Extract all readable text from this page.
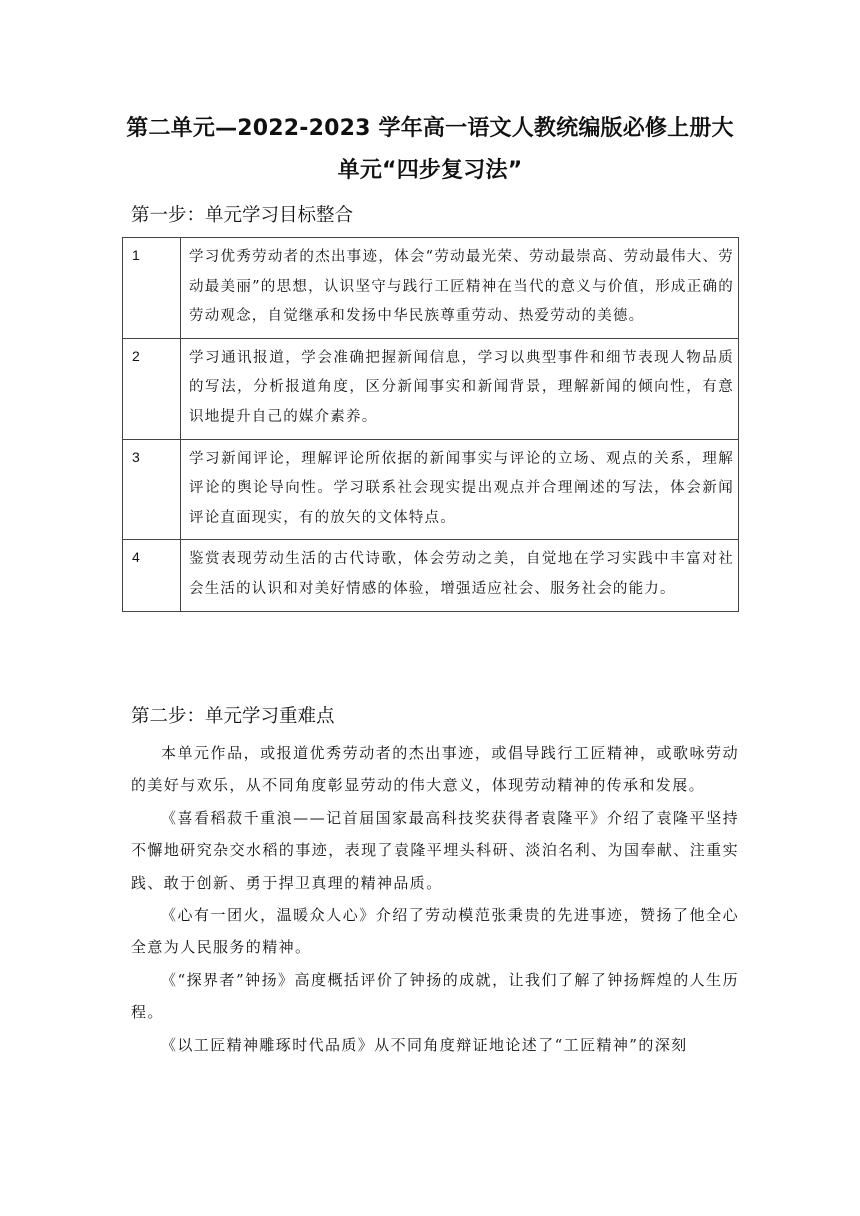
第二单元—2022-2023 学年高一语文人教统编版必修上册大
单元“四步复习法”
第一步：单元学习目标整合
1	学习优秀劳动者的杰出事迹，体会“劳动最光荣、劳动最崇高、劳动最伟大、劳动最美丽”的思想，认识坚守与践行工匠精神在当代的意义与价值，形成正确的劳动观念，自觉继承和发扬中华民族尊重劳动、热爱劳动的美德。
2	学习通讯报道，学会准确把握新闻信息，学习以典型事件和细节表现人物品质的写法，分析报道角度，区分新闻事实和新闻背景，理解新闻的倾向性，有意识地提升自己的媒介素养。
3	学习新闻评论，理解评论所依据的新闻事实与评论的立场、观点的关系，理解评论的舆论导向性。学习联系社会现实提出观点并合理阐述的写法，体会新闻评论直面现实，有的放矢的文体特点。
4	鉴赏表现劳动生活的古代诗歌，体会劳动之美，自觉地在学习实践中丰富对社会生活的认识和对美好情感的体验，增强适应社会、服务社会的能力。
第二步：单元学习重难点

本单元作品，或报道优秀劳动者的杰出事迹，或倡导践行工匠精神，或歌咏劳动的美好与欢乐，从不同角度彰显劳动的伟大意义，体现劳动精神的传承和发展。

《喜看稻菽千重浪——记首届国家最高科技奖获得者袁隆平》介绍了袁隆平坚持不懈地研究杂交水稻的事迹，表现了袁隆平埋头科研、淡泊名利、为国奉献、注重实践、敢于创新、勇于捍卫真理的精神品质。

《心有一团火，温暖众人心》介绍了劳动模范张秉贵的先进事迹，赞扬了他全心全意为人民服务的精神。

《“探界者”钟扬》高度概括评价了钟扬的成就，让我们了解了钟扬辉煌的人生历程。

《以工匠精神雕琢时代品质》从不同角度辩证地论述了“工匠精神”的深刻
